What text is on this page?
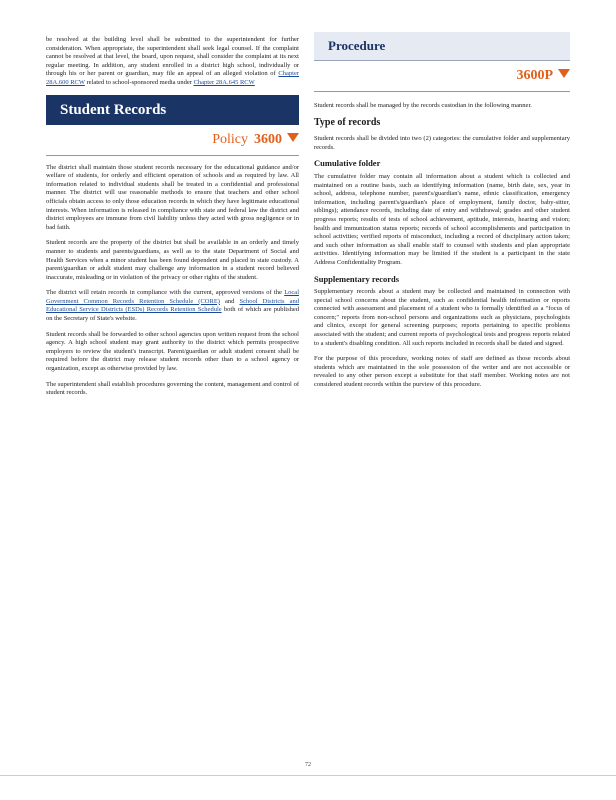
be resolved at the building level shall be submitted to the superintendent for further consideration. When appropriate, the superintendent shall seek legal counsel. If the complaint cannot be resolved at that level, the board, upon request, shall consider the complaint at its next regular meeting. In addition, any student enrolled in a district high school, individually or through his or her parent or guardian, may file an appeal of an alleged violation of Chapter 28A.600 RCW related to school-sponsored media under Chapter 28A.645 RCW

Student Records
Policy 3600

The district shall maintain those student records necessary for the educational guidance and/or welfare of students, for orderly and efficient operation of schools and as required by law. All information related to individual students shall be treated in a confidential and professional manner. The district will use reasonable methods to ensure that teachers and other school officials obtain access to only those education records in which they have legitimate educational interests. When information is released in compliance with state and federal law the district and district employees are immune from civil liability unless they acted with gross negligence or in bad faith.

Student records are the property of the district but shall be available in an orderly and timely manner to students and parents/guardians, as well as to the state Department of Social and Health Services when a minor student has been found dependent and placed in state custody. A parent/guardian or adult student may challenge any information in a student record believed inaccurate, misleading or in violation of the privacy or other rights of the student.

The district will retain records in compliance with the current, approved versions of the Local Government Common Records Retention Schedule (CORE) and School Districts and Educational Service Districts (ESDs) Records Retention Schedule both of which are published on the Secretary of State's website.

Student records shall be forwarded to other school agencies upon written request from the school agency. A high school student may grant authority to the district which permits prospective employers to review the student's transcript. Parent/guardian or adult student consent shall be required before the district may release student records other than to a school agency or organization, except as otherwise provided by law.

The superintendent shall establish procedures governing the content, management and control of student records.

Procedure
3600P

Student records shall be managed by the records custodian in the following manner.

Type of records

Student records shall be divided into two (2) categories: the cumulative folder and supplementary records.

Cumulative folder

The cumulative folder may contain all information about a student which is collected and maintained on a routine basis, such as identifying information (name, birth date, sex, year in school, address, telephone number, parent's/guardian's name, ethnic classification, emergency information, including parent's/guardian's place of employment, family doctor, baby-sitter, siblings); attendance records, including date of entry and withdrawal; grades and other student progress reports; results of tests of school achievement, aptitude, interests, hearing and vision; health and immunization status reports; records of school accomplishments and participation in school activities; verified reports of misconduct, including a record of disciplinary action taken; and such other information as shall enable staff to counsel with students and plan appropriate activities. Identifying information may be limited if the student is a participant in the state Address Confidentiality Program.

Supplementary records

Supplementary records about a student may be collected and maintained in connection with special school concerns about the student, such as confidential health information or reports connected with assessment and placement of a student who is formally identified as a "focus of concern;" reports from non-school persons and organizations such as physicians, psychologists and clinics, except for general screening purposes; reports pertaining to specific problems associated with the student; and current reports of psychological tests and progress reports related to a student's disabling condition. All such reports included in records shall be dated and signed.

For the purpose of this procedure, working notes of staff are defined as those records about students which are maintained in the sole possession of the writer and are not accessible or revealed to any other person except a substitute for that staff member. Working notes are not considered student records within the purview of this procedure.

72
